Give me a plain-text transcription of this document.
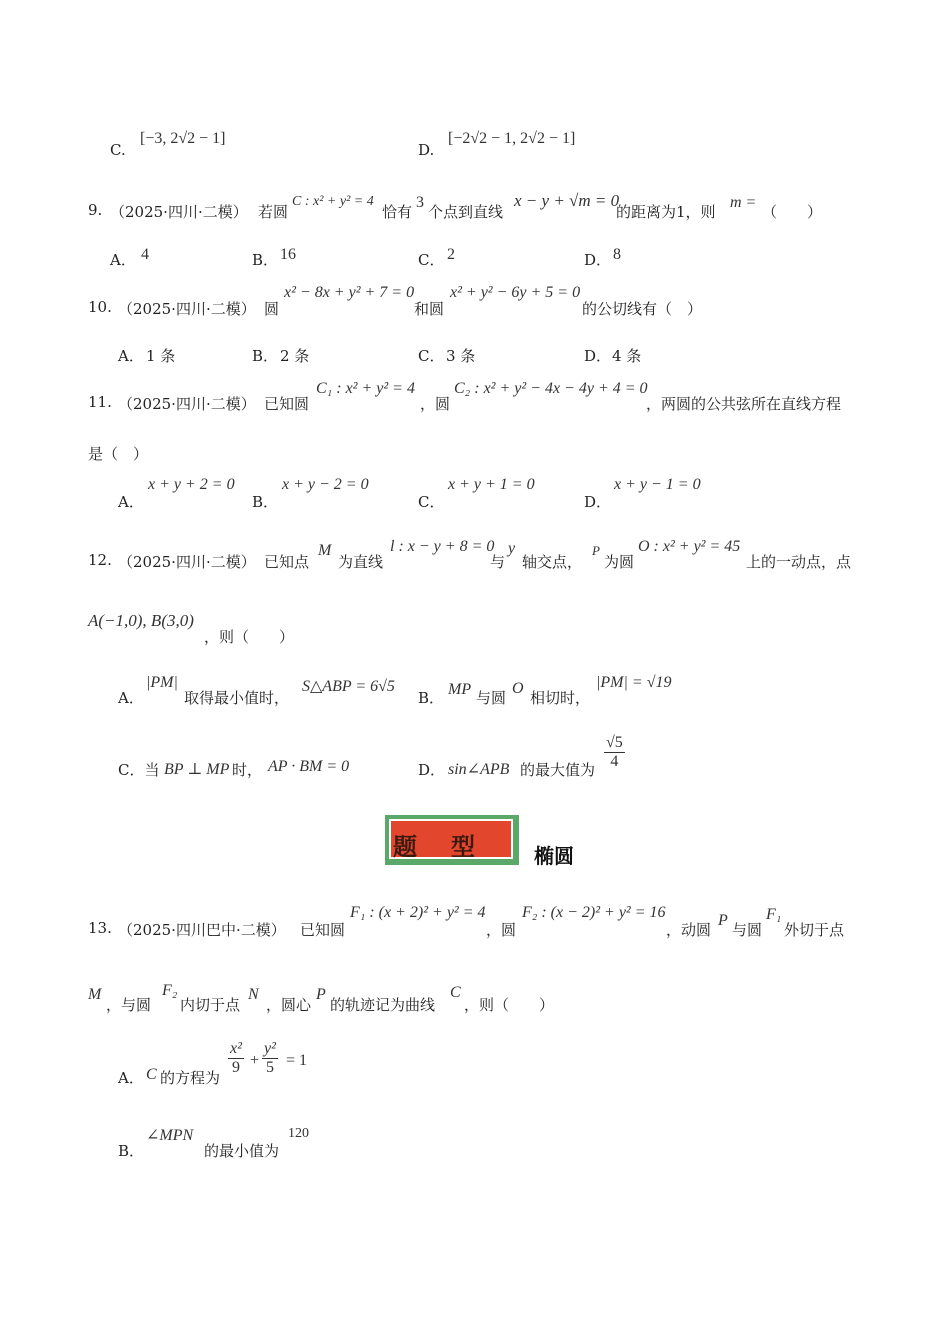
C.
[−3, 2√2 − 1]
D.
[−2√2 − 1, 2√2 − 1]
9. （2025·四川·二模） 若圆
C : x² + y² = 4
恰有
3
个点到直线
x − y + √m = 0
的距离为1，则
m =
（　　）
A． 4	B． 16	C． 2	D． 8
10. （2025·四川·二模） 圆
x² − 8x + y² + 7 = 0
和圆
x² + y² − 6y + 5 = 0
的公切线有（　）
A． 1 条	B． 2 条	C． 3 条	D． 4 条
11. （2025·四川·二模） 已知圆
C₁ : x² + y² = 4
，圆
C₂ : x² + y² − 4x − 4y + 4 = 0
，两圆的公共弦所在直线方程
是（　）
A．
x + y + 2 = 0
B．
x + y − 2 = 0
C．
x + y + 1 = 0
D．
x + y − 1 = 0
12. （2025·四川·二模） 已知点
M
为直线
l : x − y + 8 = 0
与
y
轴交点，
P
为圆
O : x² + y² = 45
上的一动点，点
A(−1,0), B(3,0)
，则（　　）
A．
|PM|
取得最小值时，
S△ABP = 6√5
B． MP 与圆
O
相切时，
|PM| = √19
C．当 BP ⊥ MP 时， AP · BM = 0	D． sin∠APB 的最大值为 $\frac{√5}{4}$
题型 椭圆
13. （2025·四川巴中·二模） 已知圆
F₁ : (x + 2)² + y² = 4
，圆
F₂ : (x − 2)² + y² = 16
，动圆
P
与圆
F₁
外切于点
M
，与圆
F₂
内切于点
N
，圆心
P
的轨迹记为曲线
C
，则（　　）
A． C 的方程为
$\frac{\text{x²}}{9} + \frac{\text{y²}}{5} = 1$
B．
∠MPN
的最小值为
120
